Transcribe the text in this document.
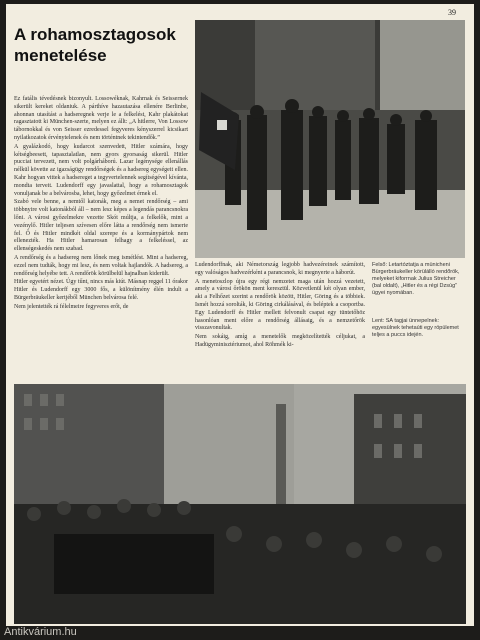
39
A rohamosztagosok menetelése

Ez fatális tévedésnek bizonyult. Lossowéknak, Kahrnak és Seissernek sikerült kereket oldaniuk. A párthíve hazautazása ellenére Berlinbe, ahonnan utasítást a hadseregnek verje le a felkelést, Kahr plakátokat ragasztatott ki München-szerte, melyen ez állt: „A hitlerre, Von Lossow tábornokkal és von Seisser ezredessel fegyveres kényszerrel kicsikart nyilatkozatok érvénytelenek és nem történtnek tekintendők.”

A gyalázkodó, hogy kudarcot szenvedett, Hitler számára, hogy kétségbeesett, tapasztalatlan, nem gyors gyorsaság sikerül. Hitler pucciat tervezett, nem volt polgárháború. Lazar legénysége ellenállás nélkül követte az igazságügy rendőrségek és a hadsereg egységeit ellen. Kahr hogyan vittek a hadsereget a tegyvertelennek segítségével kívánta, mondta terveit. Ludendorff egy javaslattal, hogy a rohamosztagok vonuljanak be a belvárosba, lehet, hogy győzelmet érnek el.

Szabó vele benne, a nemtől katonák, meg a nemet rendőrség – ami többnyire volt katonákból áll – nem lesz képes a legendás parancsnokra lőni. A városi győzelmekre vezette Skót múltja, a felkelők, mint a vezénylő. Hitler teljesen szívesen előre látta a rendőrség nem ismerte fel. Ő és Hitler mindkét oldal szerepe és a kormánypártok nem ellenezték. Ha Hitler hamarosan felhagy a felkeléssel, az ellenségeskedés nem szabad.

A rendőrség és a hadsereg nem lőnek meg ismétlést. Mint a hadsereg, ezzel nem tudták, hogy mi lesz, és nem voltak hajlandók. A hadsereg, a rendőrség helyébe tett. A rendőrök körülbelül hajnalban kiderült.

Hitler egyetért nézet. Úgy tűnt, nincs más kiút. Másnap reggel 11 órakor Hitler és Ludendorff egy 3000 fős, a különítmény élén indult a Bürgerbräukeller kertjéből München belvárosa felé.

Nem jelentették rá félelmeire fegyveres erőt, de

Ludendorffnak, aki Németország legjobb hadvezéreinek számított, egy valóságos hadvezérként a parancsnok, ki megnyerte a háborút.

A menetoszlop újra egy régi nemzetet maga után hozzá vezetett, amely a városi őrökön ment keresztül. Közvetlenül két olyan ember, aki a Felhőzet szerint a rendőrök között, Hitler, Göring és a többiek. Ismét hozzá sorolták, ki Göring cirkálásával, és beléptek a csoportba. Egy Ludendorff és Hitler mellett felvonult csapat egy tüntetőhöz hasonlóan ment előre a rendőrség állásaig, és a nemzetőrök visszavonultak.

Nem sokáig, amíg a menetelők megközelítették céljukat, a Hadügyminisztériumot, ahol Röhmék ki-

Felső: Letartóztatja a münicheni Bürgerbräukeller körülálló rendőrök, melyeket kiforrnak Julius Streicher (bal oldalt), „Hitler és a régi Dzsúg” ügyei nyomában.
Lent: SA tagjai ünnepelnek: egyesülnek tehetaúti egy röpülemet teljes a puccs idején.
Antikvárium.hu
